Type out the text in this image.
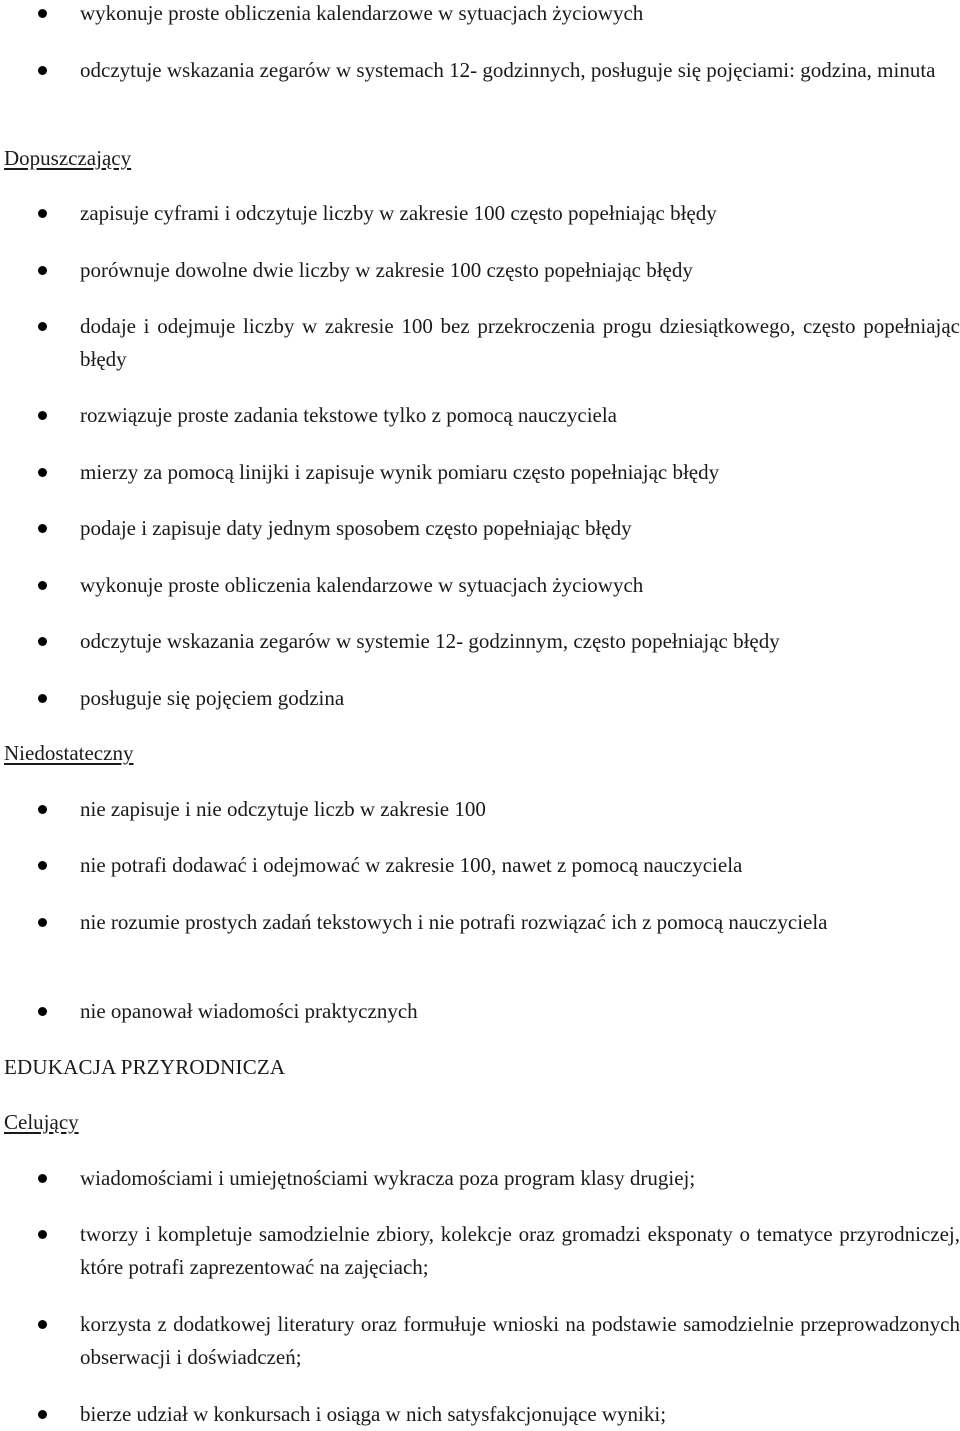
wykonuje proste obliczenia kalendarzowe w sytuacjach życiowych
odczytuje wskazania zegarów w systemach 12- godzinnych, posługuje się pojęciami: godzina, minuta
Dopuszczający
zapisuje cyframi i odczytuje liczby w zakresie 100 często popełniając błędy
porównuje dowolne dwie liczby w zakresie 100 często popełniając błędy
dodaje i odejmuje liczby w zakresie 100 bez przekroczenia progu dziesiątkowego, często popełniając błędy
rozwiązuje proste zadania tekstowe tylko z pomocą nauczyciela
mierzy za pomocą linijki i zapisuje wynik pomiaru często popełniając błędy
podaje i zapisuje daty jednym sposobem często popełniając błędy
wykonuje proste obliczenia kalendarzowe w sytuacjach życiowych
odczytuje wskazania zegarów w systemie 12- godzinnym, często popełniając błędy
posługuje się pojęciem godzina
Niedostateczny
nie zapisuje i nie odczytuje liczb w zakresie 100
nie potrafi dodawać i odejmować w zakresie 100, nawet z pomocą nauczyciela
nie rozumie prostych zadań tekstowych i nie potrafi rozwiązać ich z pomocą nauczyciela
nie opanował wiadomości praktycznych
EDUKACJA PRZYRODNICZA
Celujący
wiadomościami i umiejętnościami wykracza poza program klasy drugiej;
tworzy i kompletuje samodzielnie zbiory, kolekcje oraz gromadzi eksponaty o tematyce przyrodniczej, które potrafi zaprezentować na zajęciach;
korzysta z dodatkowej literatury oraz formułuje wnioski na podstawie samodzielnie przeprowadzonych obserwacji i doświadczeń;
bierze udział w konkursach i osiąga w nich satysfakcjonujące wyniki;
